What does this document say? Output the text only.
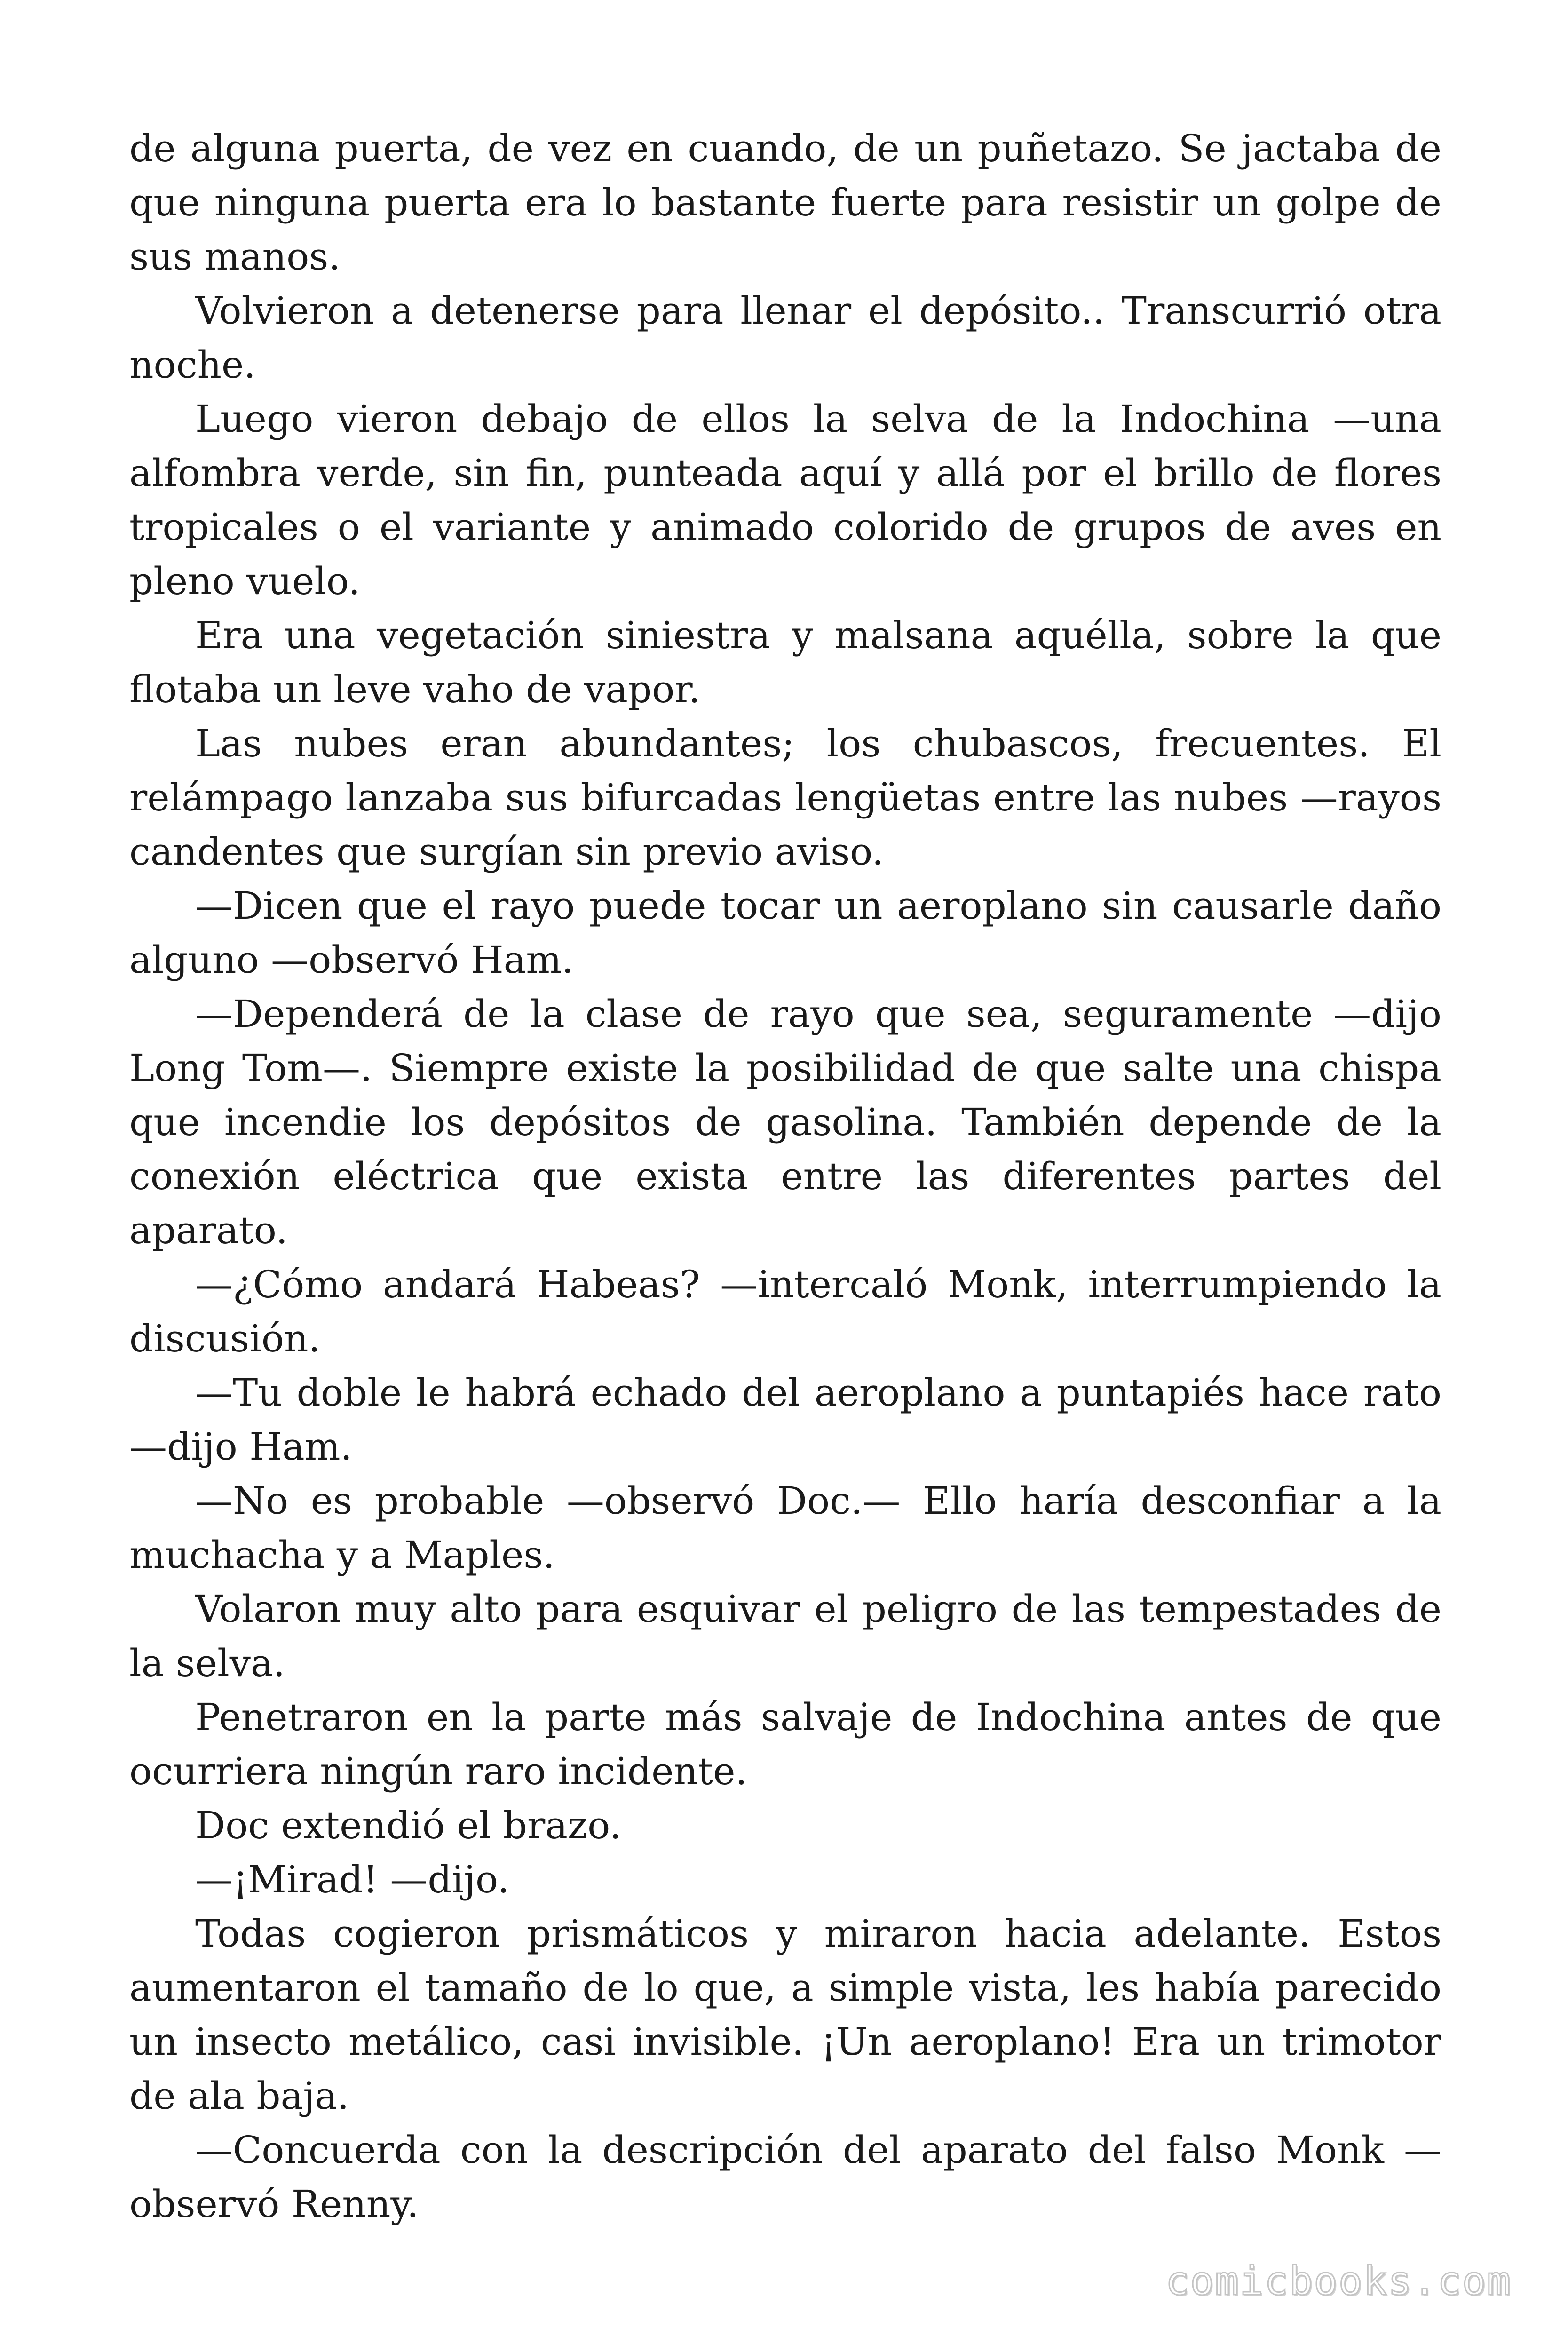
de alguna puerta, de vez en cuando, de un puñetazo. Se jactaba de que ninguna puerta era lo bastante fuerte para resistir un golpe de sus manos.

Volvieron a detenerse para llenar el depósito.. Transcurrió otra noche.

Luego vieron debajo de ellos la selva de la Indochina —una alfombra verde, sin fin, punteada aquí y allá por el brillo de flores tropicales o el variante y animado colorido de grupos de aves en pleno vuelo.

Era una vegetación siniestra y malsana aquélla, sobre la que flotaba un leve vaho de vapor.

Las nubes eran abundantes; los chubascos, frecuentes. El relámpago lanzaba sus bifurcadas lengüetas entre las nubes —rayos candentes que surgían sin previo aviso.

—Dicen que el rayo puede tocar un aeroplano sin causarle daño alguno —observó Ham.

—Dependerá de la clase de rayo que sea, seguramente —dijo Long Tom—. Siempre existe la posibilidad de que salte una chispa que incendie los depósitos de gasolina. También depende de la conexión eléctrica que exista entre las diferentes partes del aparato.

—¿Cómo andará Habeas? —intercaló Monk, interrumpiendo la discusión.

—Tu doble le habrá echado del aeroplano a puntapiés hace rato —dijo Ham.

—No es probable —observó Doc.— Ello haría desconfiar a la muchacha y a Maples.

Volaron muy alto para esquivar el peligro de las tempestades de la selva.

Penetraron en la parte más salvaje de Indochina antes de que ocurriera ningún raro incidente.

Doc extendió el brazo.

—¡Mirad! —dijo.

Todas cogieron prismáticos y miraron hacia adelante. Estos aumentaron el tamaño de lo que, a simple vista, les había parecido un insecto metálico, casi invisible. ¡Un aeroplano! Era un trimotor de ala baja.

—Concuerda con la descripción del aparato del falso Monk —observó Renny.

comicbooks.com
